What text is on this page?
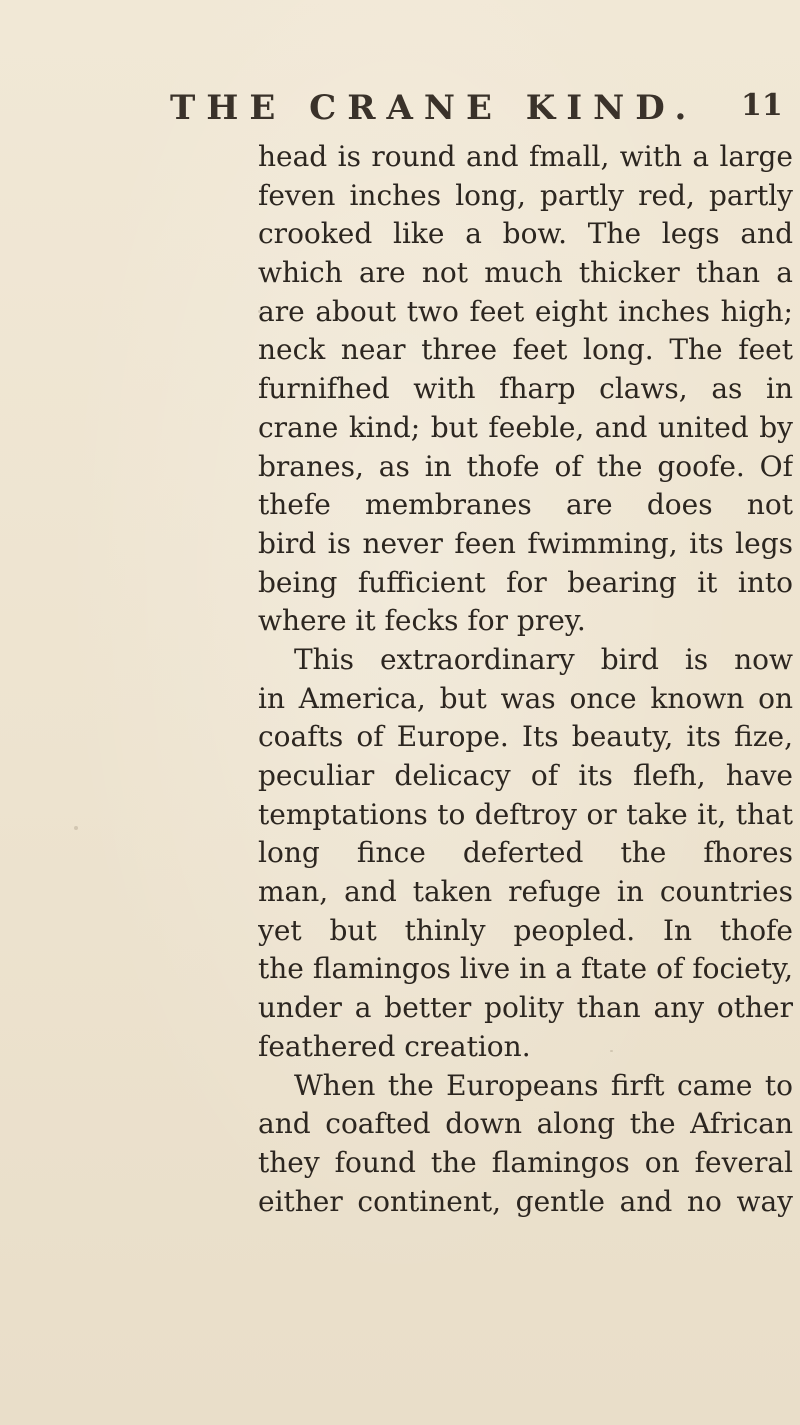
THE CRANE KIND. 11
head is round and fmall, with a large
feven inches long, partly red, partly
crooked like a bow. The legs and
which are not much thicker than a
are about two feet eight inches high;
neck near three feet long. The feet
furnifhed with fharp claws, as in
crane kind; but feeble, and united by
branes, as in thofe of the goofe. Of
thefe membranes are does not
bird is never feen fwimming, its legs
being fufficient for bearing it into
where it fecks for prey.
This extraordinary bird is now
in America, but was once known on
coafts of Europe. Its beauty, its fize,
peculiar delicacy of its flefh, have
temptations to deftroy or take it, that
long fince deferted the fhores
man, and taken refuge in countries
yet but thinly peopled. In thofe
the flamingos live in a ftate of fociety,
under a better polity than any other
feathered creation.
When the Europeans firft came to
and coafted down along the African
they found the flamingos on feveral
either continent, gentle and no way
